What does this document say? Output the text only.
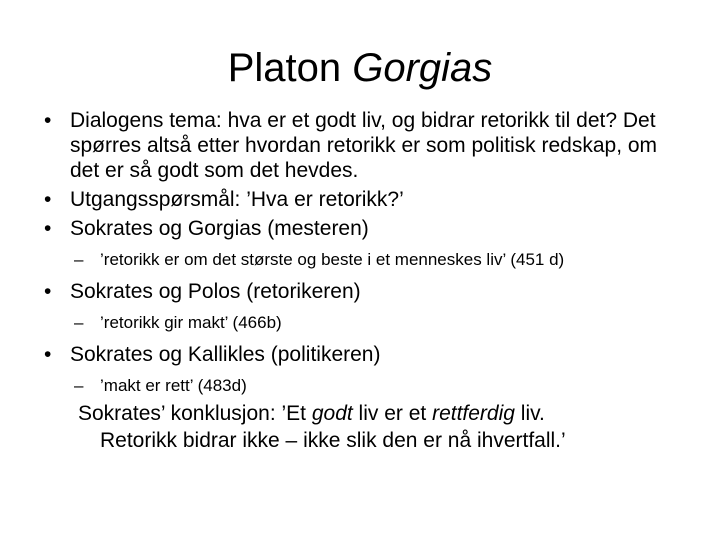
Platon Gorgias
• Dialogens tema: hva er et godt liv, og bidrar retorikk til det? Det spørres altså etter hvordan retorikk er som politisk redskap, om det er så godt som det hevdes.
• Utgangsspørsmål: ’Hva er retorikk?’
• Sokrates og Gorgias (mesteren)
– ’retorikk er om det største og beste i et menneskes liv’ (451 d)
• Sokrates og Polos (retorikeren)
– ’retorikk gir makt’ (466b)
• Sokrates og Kallikles (politikeren)
– ’makt er rett’ (483d)
Sokrates’ konklusjon: ’Et godt liv er et rettferdig liv.
Retorikk bidrar ikke – ikke slik den er nå ihvertfall.’
